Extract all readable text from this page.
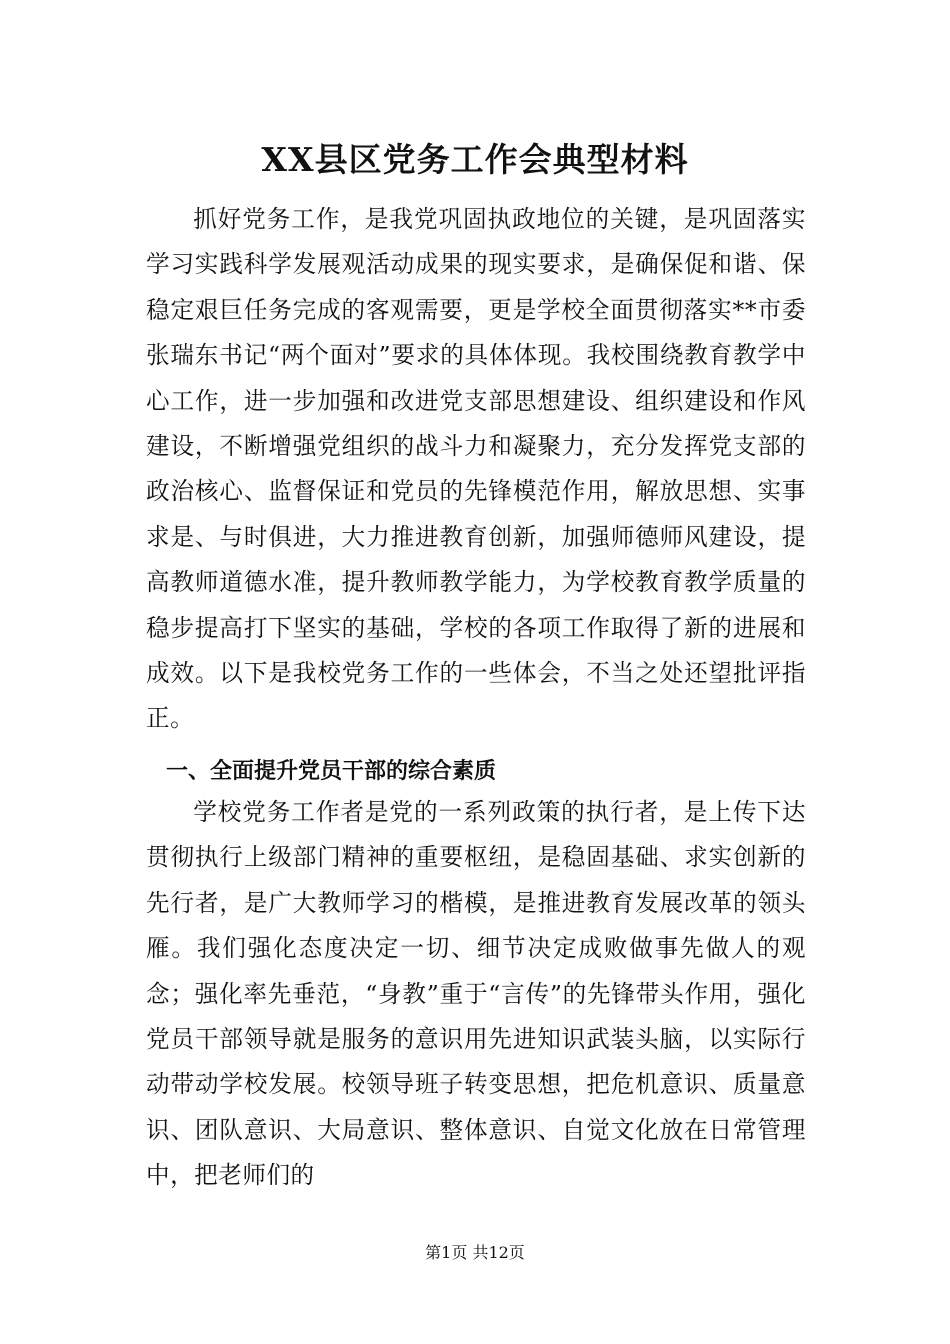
XX县区党务工作会典型材料

抓好党务工作，是我党巩固执政地位的关键，是巩固落实学习实践科学发展观活动成果的现实要求，是确保促和谐、保稳定艰巨任务完成的客观需要，更是学校全面贯彻落实**市委张瑞东书记“两个面对”要求的具体体现。我校围绕教育教学中心工作，进一步加强和改进党支部思想建设、组织建设和作风建设，不断增强党组织的战斗力和凝聚力，充分发挥党支部的政治核心、监督保证和党员的先锋模范作用，解放思想、实事求是、与时俱进，大力推进教育创新，加强师德师风建设，提高教师道德水准，提升教师教学能力，为学校教育教学质量的稳步提高打下坚实的基础，学校的各项工作取得了新的进展和成效。以下是我校党务工作的一些体会，不当之处还望批评指正。

一、全面提升党员干部的综合素质

学校党务工作者是党的一系列政策的执行者，是上传下达贯彻执行上级部门精神的重要枢纽，是稳固基础、求实创新的先行者，是广大教师学习的楷模，是推进教育发展改革的领头雁。我们强化态度决定一切、细节决定成败做事先做人的观念；强化率先垂范，“身教”重于“言传”的先锋带头作用，强化党员干部领导就是服务的意识用先进知识武装头脑，以实际行动带动学校发展。校领导班子转变思想，把危机意识、质量意识、团队意识、大局意识、整体意识、自觉文化放在日常管理中，把老师们的

第1页 共12页
